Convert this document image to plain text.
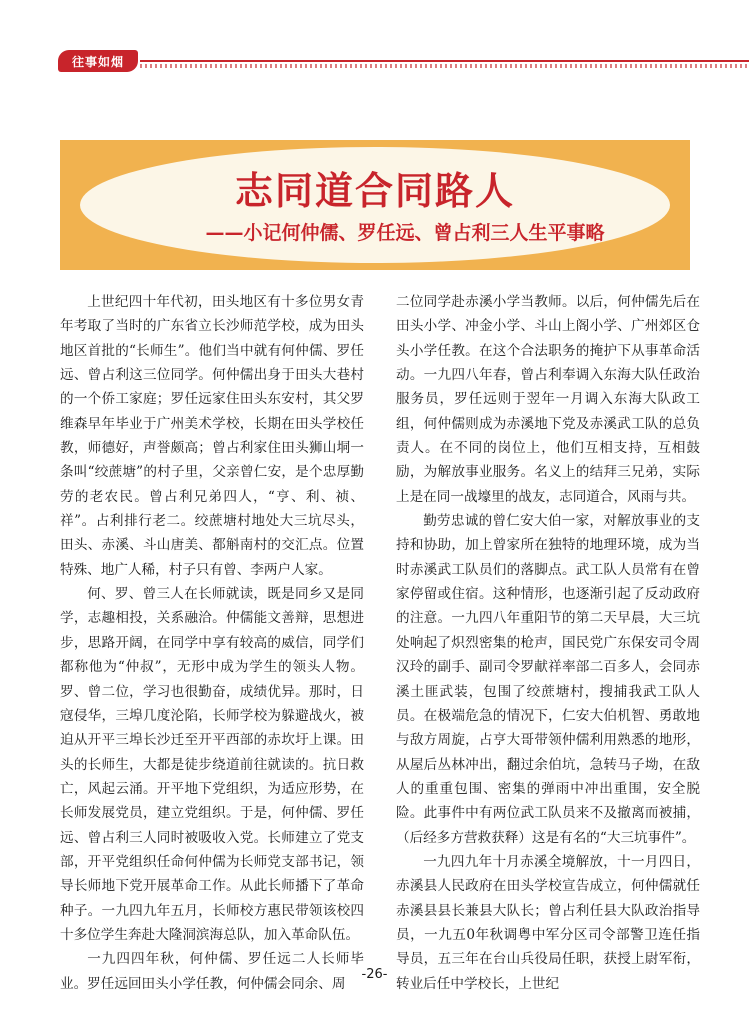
往事如烟
志同道合同路人
——小记何仲儒、罗任远、曾占利三人生平事略

上世纪四十年代初，田头地区有十多位男女青年考取了当时的广东省立长沙师范学校，成为田头地区首批的“长师生”。他们当中就有何仲儒、罗任远、曾占利这三位同学。何仲儒出身于田头大巷村的一个侨工家庭；罗任远家住田头东安村，其父罗维森早年毕业于广州美术学校，长期在田头学校任教，师德好，声誉颇高；曾占利家住田头狮山垌一条叫“绞蔗塘”的村子里，父亲曾仁安，是个忠厚勤劳的老农民。曾占利兄弟四人，“亨、利、祯、祥”。占利排行老二。绞蔗塘村地处大三坑尽头，田头、赤溪、斗山唐美、都斛南村的交汇点。位置特殊、地广人稀，村子只有曾、李两户人家。

何、罗、曾三人在长师就读，既是同乡又是同学，志趣相投，关系融洽。仲儒能文善辩，思想进步，思路开阔，在同学中享有较高的威信，同学们都称他为“仲叔”，无形中成为学生的领头人物。罗、曾二位，学习也很勤奋，成绩优异。那时，日寇侵华，三埠几度沦陷，长师学校为躲避战火，被迫从开平三埠长沙迁至开平西部的赤坎圩上课。田头的长师生，大都是徒步绕道前往就读的。抗日救亡，风起云涌。开平地下党组织，为适应形势，在长师发展党员，建立党组织。于是，何仲儒、罗任远、曾占利三人同时被吸收入党。长师建立了党支部，开平党组织任命何仲儒为长师党支部书记，领导长师地下党开展革命工作。从此长师播下了革命种子。一九四九年五月，长师校方惠民带领该校四十多位学生奔赴大隆洞滨海总队，加入革命队伍。

一九四四年秋，何仲儒、罗任远二人长师毕业。罗任远回田头小学任教，何仲儒会同余、周

二位同学赴赤溪小学当教师。以后，何仲儒先后在田头小学、冲金小学、斗山上阁小学、广州郊区仓头小学任教。在这个合法职务的掩护下从事革命活动。一九四八年春，曾占利奉调入东海大队任政治服务员，罗任远则于翌年一月调入东海大队政工组，何仲儒则成为赤溪地下党及赤溪武工队的总负责人。在不同的岗位上，他们互相支持，互相鼓励，为解放事业服务。名义上的结拜三兄弟，实际上是在同一战壕里的战友，志同道合，风雨与共。

勤劳忠诚的曾仁安大伯一家，对解放事业的支持和协助，加上曾家所在独特的地理环境，成为当时赤溪武工队员们的落脚点。武工队人员常有在曾家停留或住宿。这种情形，也逐渐引起了反动政府的注意。一九四八年重阳节的第二天早晨，大三坑处响起了炽烈密集的枪声，国民党广东保安司令周汉玲的副手、副司令罗献祥率部二百多人，会同赤溪土匪武装，包围了绞蔗塘村，搜捕我武工队人员。在极端危急的情况下，仁安大伯机智、勇敢地与敌方周旋，占亨大哥带领仲儒利用熟悉的地形，从屋后丛林冲出，翻过余伯坑，急转马子坳，在敌人的重重包围、密集的弹雨中冲出重围，安全脱险。此事件中有两位武工队员来不及撤离而被捕，（后经多方营救获释）这是有名的“大三坑事件”。

一九四九年十月赤溪全境解放，十一月四日，赤溪县人民政府在田头学校宣告成立，何仲儒就任赤溪县县长兼县大队长；曾占利任县大队政治指导员，一九五0年秋调粤中军分区司令部警卫连任指导员，五三年在台山兵役局任职，获授上尉军衔，转业后任中学校长，上世纪

-26-
